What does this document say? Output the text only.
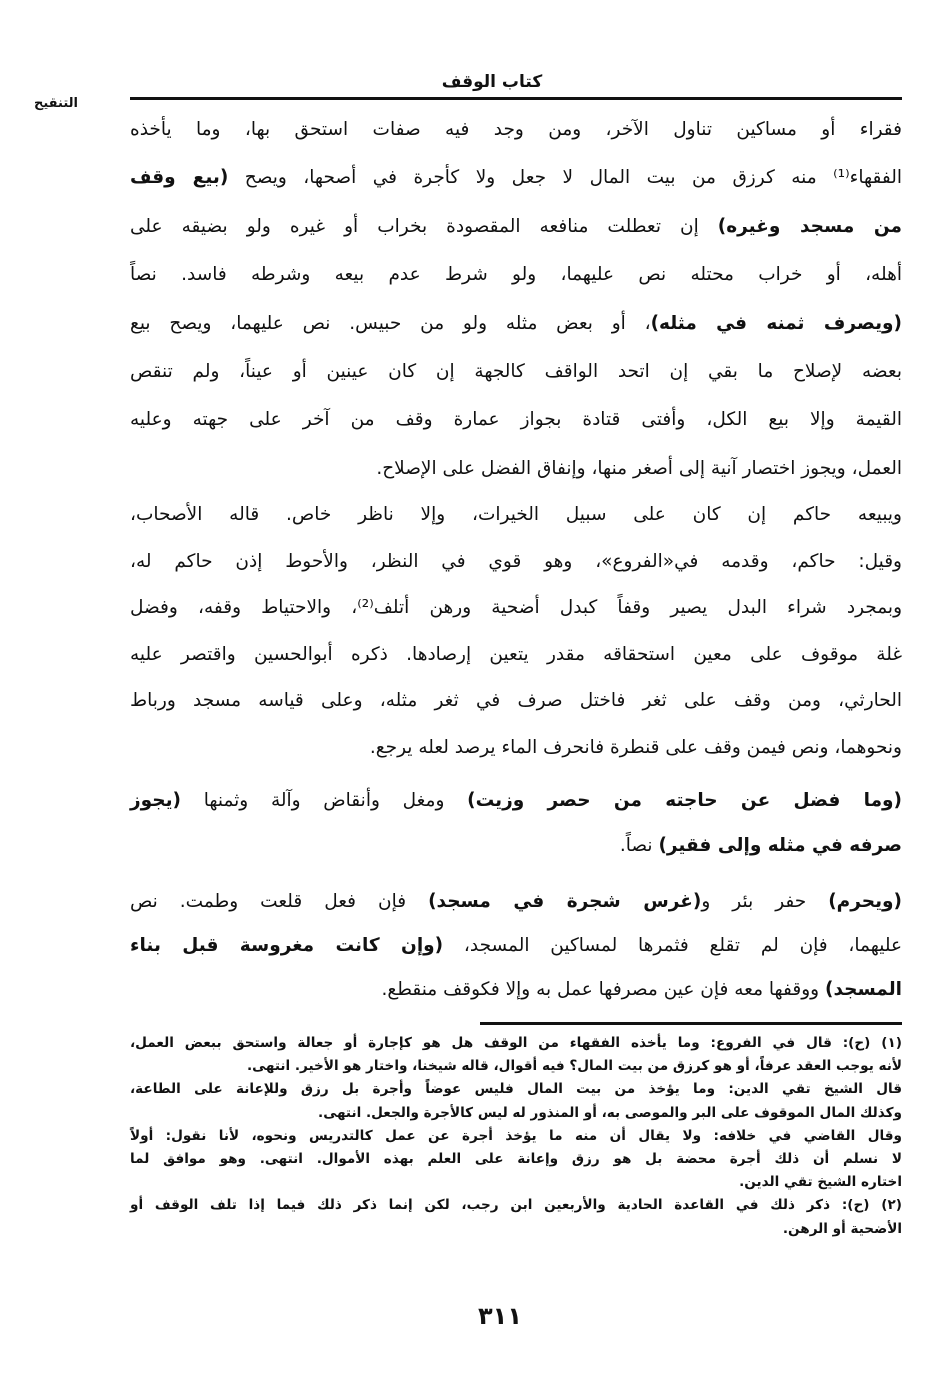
كتاب الوقف
التنقيح
فقراء أو مساكين تناول الآخر، ومن وجد فيه صفات استحق بها، وما يأخذه
الفقهاء⁽¹⁾ منه كرزق من بيت المال لا جعل ولا كأجرة في أصحها، ويصح (بيع وقف
من مسجد وغيره) إن تعطلت منافعه المقصودة بخراب أو غيره ولو بضيقه على
أهله، أو خراب محتله نص عليهما، ولو شرط عدم بيعه وشرطه فاسد. نصاً
(ويصرف ثمنه في مثله)، أو بعض مثله ولو من حبيس. نص عليهما، ويصح بيع
بعضه لإصلاح ما بقي إن اتحد الواقف كالجهة إن كان عينين أو عيناً، ولم تنقص
القيمة وإلا بيع الكل، وأفتى قتادة بجواز عمارة وقف من آخر على جهته وعليه
العمل، ويجوز اختصار آنية إلى أصغر منها، وإنفاق الفضل على الإصلاح.
ويبيعه حاكم إن كان على سبيل الخيرات، وإلا ناظر خاص. قاله الأصحاب،
وقيل: حاكم، وقدمه في«الفروع»، وهو قوي في النظر، والأحوط إذن حاكم له،
وبمجرد شراء البدل يصير وقفاً كبدل أضحية ورهن أتلف⁽²⁾، والاحتياط وقفه، وفضل
غلة موقوف على معين استحقاقه مقدر يتعين إرصادها. ذكره أبوالحسين واقتصر عليه
الحارثي، ومن وقف على ثغر فاختل صرف في ثغر مثله، وعلى قياسه مسجد ورباط
ونحوهما، ونص فيمن وقف على قنطرة فانحرف الماء يرصد لعله يرجع.
(وما فضل عن حاجته من حصر وزيت) ومغل وأنقاض وآلة وثمنها (يجوز
صرفه في مثله وإلى فقير) نصاً.
(ويحرم) حفر بئر و(غرس شجرة في مسجد) فإن فعل قلعت وطمت. نص
عليهما، فإن لم تقلع فثمرها لمساكين المسجد، (وإن كانت مغروسة قبل بناء
المسجد) ووقفها معه فإن عين مصرفها عمل به وإلا فكوقف منقطع.
(١) (ح): قال في الفروع: وما يأخذه الفقهاء من الوقف هل هو كإجارة أو جعالة واستحق ببعض العمل،
لأنه يوجب العقد عرفاً، أو هو كرزق من بيت المال؟ فيه أقوال، قاله شيخنا، واختار هو الأخير. انتهى.
قال الشيخ تقي الدين: وما يؤخذ من بيت المال فليس عوضاً وأجرة بل رزق وللإعانة على الطاعة،
وكذلك المال الموقوف على البر والموصى به، أو المنذور له ليس كالأجرة والجعل. انتهى.
وقال القاضي في خلافه: ولا يقال أن منه ما يؤخذ أجرة عن عمل كالتدريس ونحوه، لأنا نقول: أولاً
لا نسلم أن ذلك أجرة محضة بل هو رزق وإعانة على العلم بهذه الأموال. انتهى. وهو موافق لما
اختاره الشيخ تقي الدين.
(٢) (ح): ذكر ذلك في القاعدة الحادية والأربعين ابن رجب، لكن إنما ذكر ذلك فيما إذا تلف الوقف أو
الأضحية أو الرهن.
٣١١
